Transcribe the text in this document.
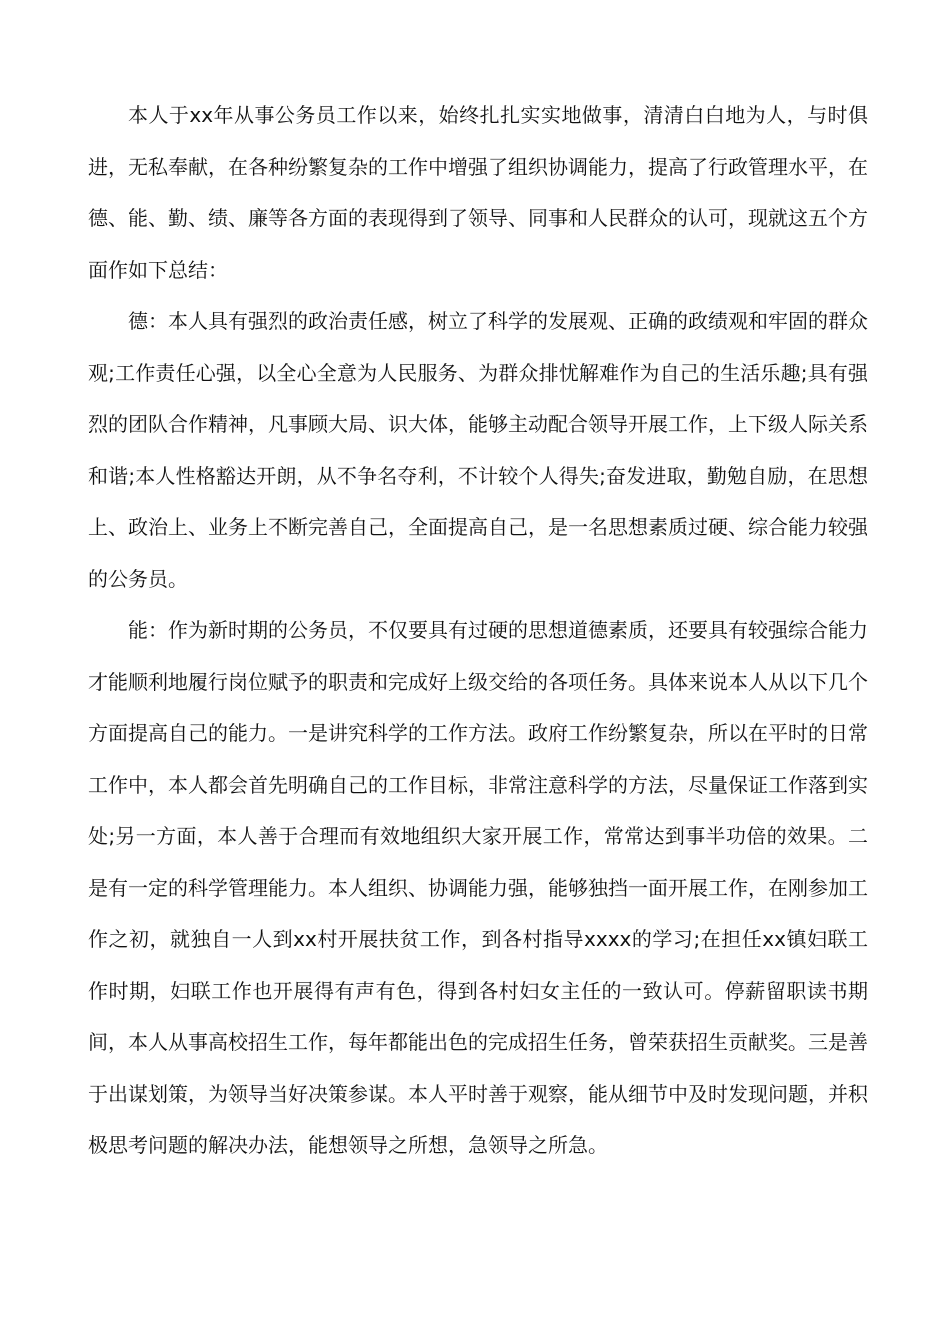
本人于xx年从事公务员工作以来，始终扎扎实实地做事，清清白白地为人，与时俱进，无私奉献，在各种纷繁复杂的工作中增强了组织协调能力，提高了行政管理水平，在德、能、勤、绩、廉等各方面的表现得到了领导、同事和人民群众的认可，现就这五个方面作如下总结：

德：本人具有强烈的政治责任感，树立了科学的发展观、正确的政绩观和牢固的群众观;工作责任心强，以全心全意为人民服务、为群众排忧解难作为自己的生活乐趣;具有强烈的团队合作精神，凡事顾大局、识大体，能够主动配合领导开展工作，上下级人际关系和谐;本人性格豁达开朗，从不争名夺利，不计较个人得失;奋发进取，勤勉自励，在思想上、政治上、业务上不断完善自己，全面提高自己，是一名思想素质过硬、综合能力较强的公务员。

能：作为新时期的公务员，不仅要具有过硬的思想道德素质，还要具有较强综合能力才能顺利地履行岗位赋予的职责和完成好上级交给的各项任务。具体来说本人从以下几个方面提高自己的能力。一是讲究科学的工作方法。政府工作纷繁复杂，所以在平时的日常工作中，本人都会首先明确自己的工作目标，非常注意科学的方法，尽量保证工作落到实处;另一方面，本人善于合理而有效地组织大家开展工作，常常达到事半功倍的效果。二是有一定的科学管理能力。本人组织、协调能力强，能够独挡一面开展工作，在刚参加工作之初，就独自一人到xx村开展扶贫工作，到各村指导xxxx的学习;在担任xx镇妇联工作时期，妇联工作也开展得有声有色，得到各村妇女主任的一致认可。停薪留职读书期间，本人从事高校招生工作，每年都能出色的完成招生任务，曾荣获招生贡献奖。三是善于出谋划策，为领导当好决策参谋。本人平时善于观察，能从细节中及时发现问题，并积极思考问题的解决办法，能想领导之所想，急领导之所急。
